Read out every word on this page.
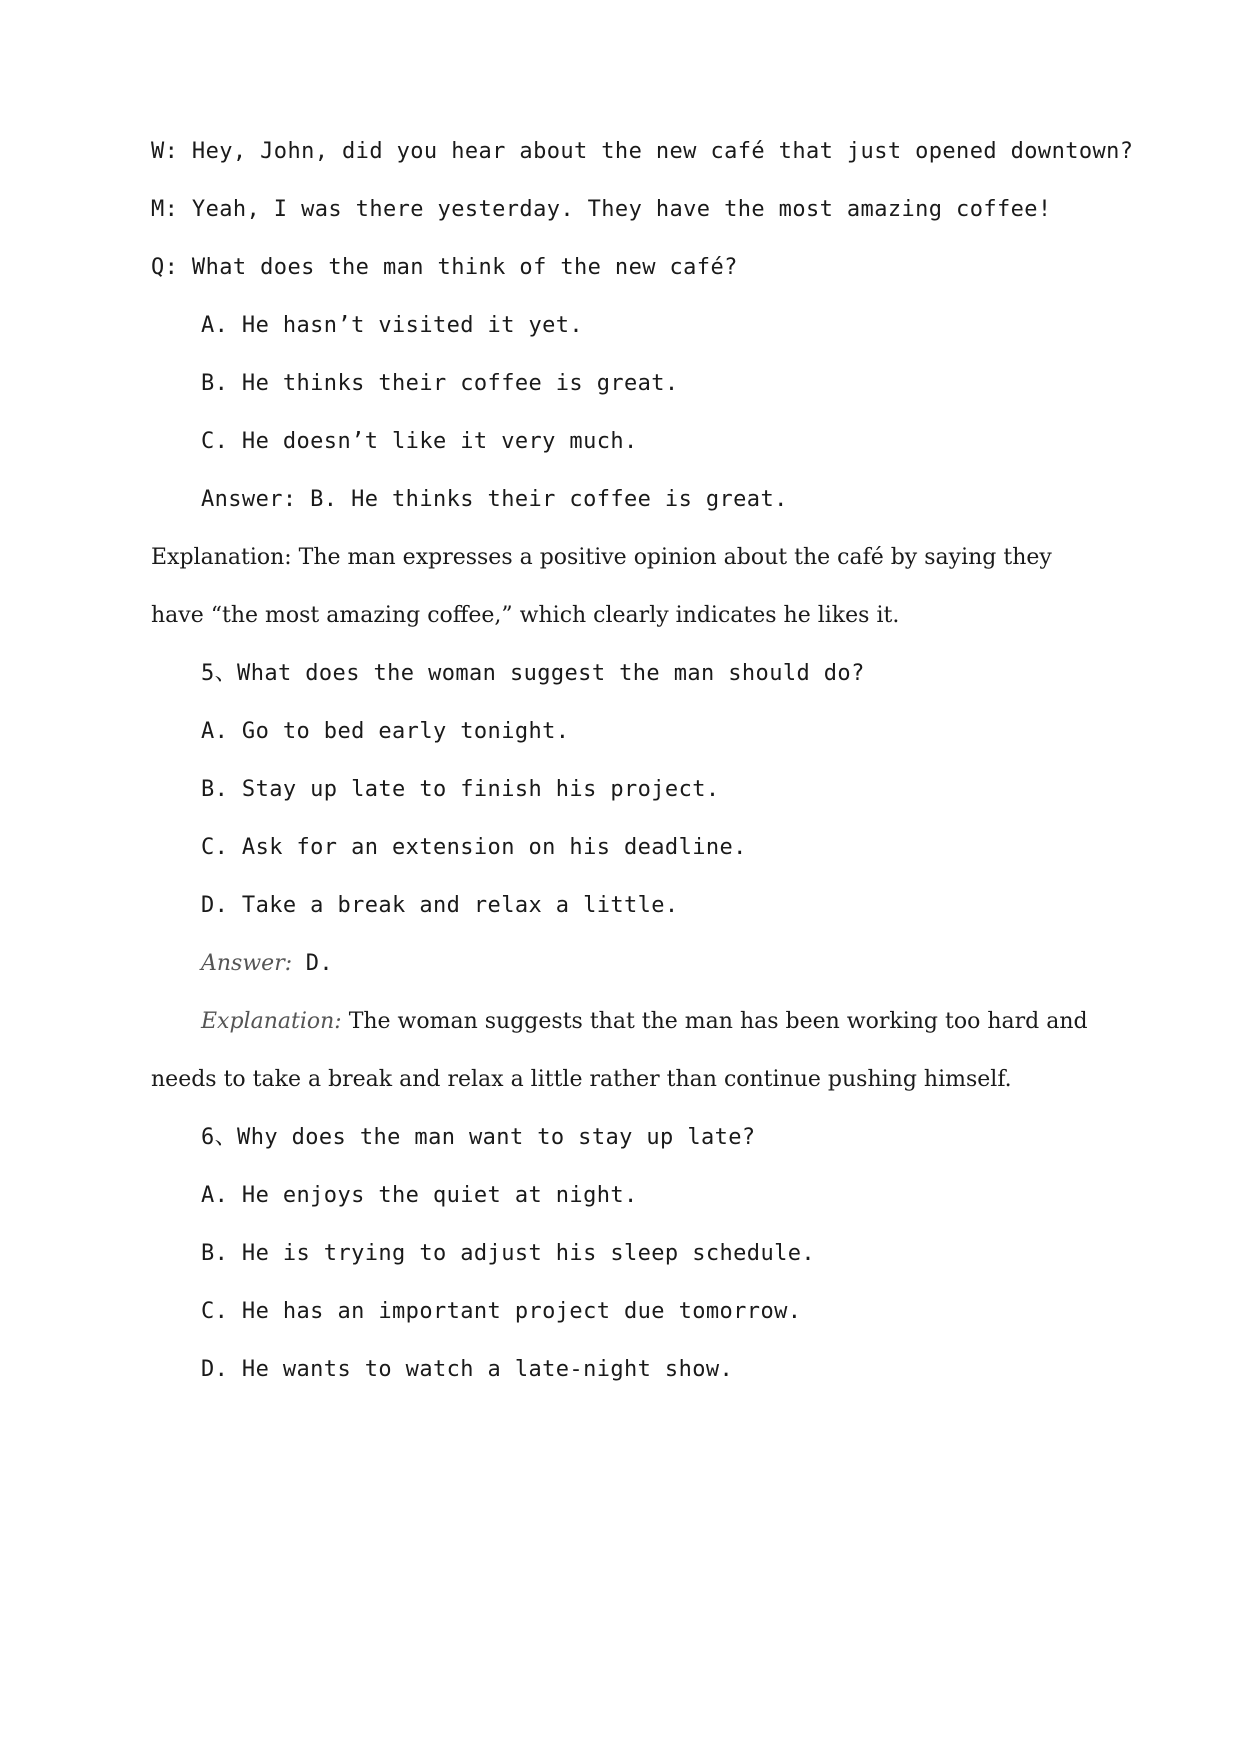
W: Hey, John, did you hear about the new café that just opened downtown?
M: Yeah, I was there yesterday. They have the most amazing coffee!
Q: What does the man think of the new café?
A. He hasn’t visited it yet.
B. He thinks their coffee is great.
C. He doesn’t like it very much.
Answer: B. He thinks their coffee is great.
Explanation: The man expresses a positive opinion about the café by saying they
have “the most amazing coffee,” which clearly indicates he likes it.
5、What does the woman suggest the man should do?
A. Go to bed early tonight.
B. Stay up late to finish his project.
C. Ask for an extension on his deadline.
D. Take a break and relax a little.
Answer: D.
Explanation: The woman suggests that the man has been working too hard and
needs to take a break and relax a little rather than continue pushing himself.
6、Why does the man want to stay up late?
A. He enjoys the quiet at night.
B. He is trying to adjust his sleep schedule.
C. He has an important project due tomorrow.
D. He wants to watch a late-night show.
